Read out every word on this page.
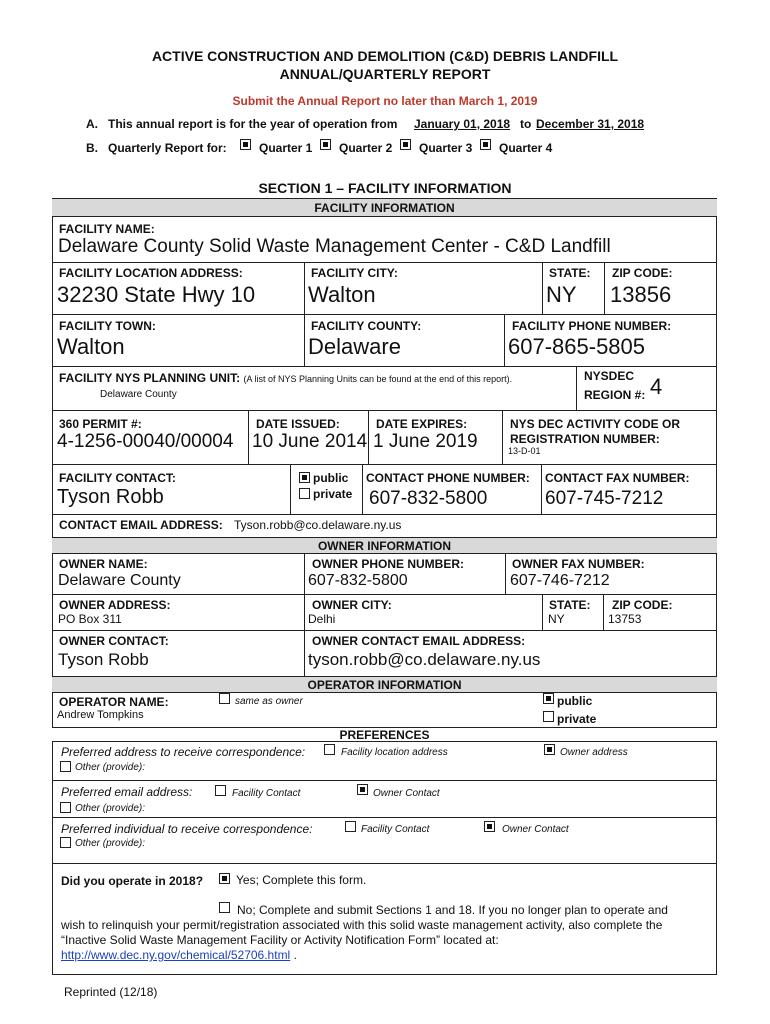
ACTIVE CONSTRUCTION AND DEMOLITION (C&D) DEBRIS LANDFILL
ANNUAL/QUARTERLY REPORT
Submit the Annual Report no later than March 1, 2019
A. This annual report is for the year of operation from January 01, 2018 to December 31, 2018
B. Quarterly Report for:	Quarter 1 Quarter 2 Quarter 3 Quarter 4
SECTION 1 – FACILITY INFORMATION
FACILITY INFORMATION
FACILITY NAME:
Delaware County Solid Waste Management Center - C&D Landfill
FACILITY LOCATION ADDRESS:
32230 State Hwy 10
FACILITY CITY:
Walton
STATE:
NY
ZIP CODE:
13856
FACILITY TOWN:
Walton
FACILITY COUNTY:
Delaware
FACILITY PHONE NUMBER:
607-865-5805
FACILITY NYS PLANNING UNIT: (A list of NYS Planning Units can be found at the end of this report).
Delaware County
NYSDEC
REGION #: 4
360 PERMIT #:
4-1256-00040/00004
DATE ISSUED:
10 June 2014
DATE EXPIRES:
1 June 2019
NYS DEC ACTIVITY CODE OR REGISTRATION NUMBER:
13-D-01
FACILITY CONTACT:
Tyson Robb
public
private
CONTACT PHONE NUMBER:
607-832-5800
CONTACT FAX NUMBER:
607-745-7212
CONTACT EMAIL ADDRESS: Tyson.robb@co.delaware.ny.us
OWNER INFORMATION
OWNER NAME:
Delaware County
OWNER PHONE NUMBER:
607-832-5800
OWNER FAX NUMBER:
607-746-7212
OWNER ADDRESS:
PO Box 311
OWNER CITY:
Delhi
STATE:
NY
ZIP CODE:
13753
OWNER CONTACT:
Tyson Robb
OWNER CONTACT EMAIL ADDRESS:
tyson.robb@co.delaware.ny.us
OPERATOR INFORMATION
OPERATOR NAME:
Andrew Tompkins
same as owner	public
private
PREFERENCES
Preferred address to receive correspondence:	Facility location address	Owner address
Other (provide):
Preferred email address:	Facility Contact	Owner Contact
Other (provide):
Preferred individual to receive correspondence:	Facility Contact	Owner Contact
Other (provide):
Did you operate in 2018?	Yes; Complete this form.
No; Complete and submit Sections 1 and 18. If you no longer plan to operate and
wish to relinquish your permit/registration associated with this solid waste management activity, also complete the
“Inactive Solid Waste Management Facility or Activity Notification Form” located at:
http://www.dec.ny.gov/chemical/52706.html .
Reprinted (12/18)
